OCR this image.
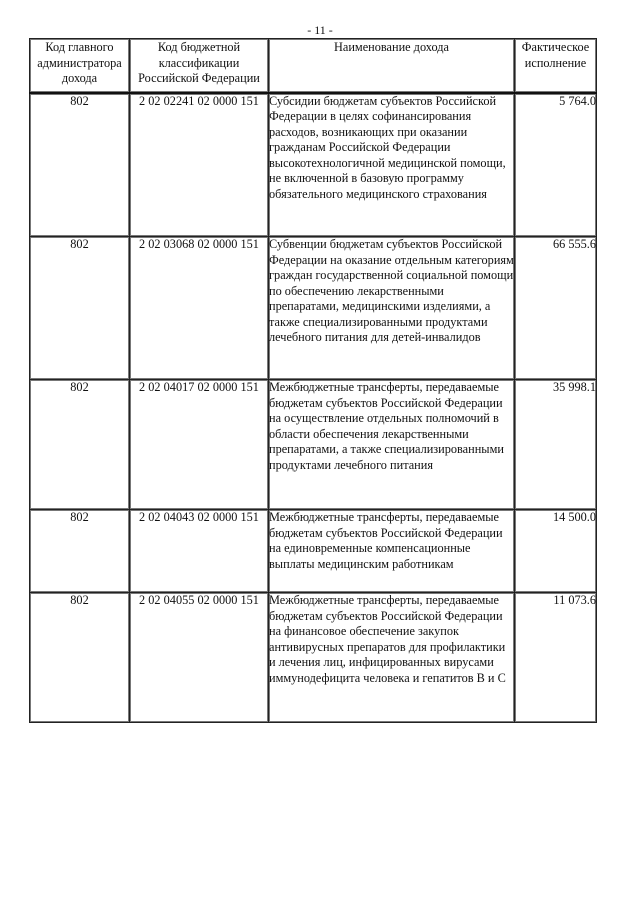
- 11 -
Код главного администратора дохода	Код бюджетной классификации Российской Федерации	Наименование дохода	Фактическое исполнение
802	2 02 02241 02 0000 151	Субсидии бюджетам субъектов Российской Федерации в целях софинансирования расходов, возникающих при оказании гражданам Российской Федерации высокотехнологичной медицинской помощи, не включенной в базовую программу обязательного медицинского страхования	5 764.0
802	2 02 03068 02 0000 151	Субвенции бюджетам субъектов Российской Федерации на оказание отдельным категориям граждан государственной социальной помощи по обеспечению лекарственными препаратами, медицинскими изделиями, а также специализированными продуктами лечебного питания для детей-инвалидов	66 555.6
802	2 02 04017 02 0000 151	Межбюджетные трансферты, передаваемые бюджетам субъектов Российской Федерации на осуществление отдельных полномочий в области обеспечения лекарственными препаратами, а также специализированными продуктами лечебного питания	35 998.1
802	2 02 04043 02 0000 151	Межбюджетные трансферты, передаваемые бюджетам субъектов Российской Федерации на единовременные компенсационные выплаты медицинским работникам	14 500.0
802	2 02 04055 02 0000 151	Межбюджетные трансферты, передаваемые бюджетам субъектов Российской Федерации на финансовое обеспечение закупок антивирусных препаратов для профилактики и лечения лиц, инфицированных вирусами иммунодефицита человека и гепатитов В и С	11 073.6
